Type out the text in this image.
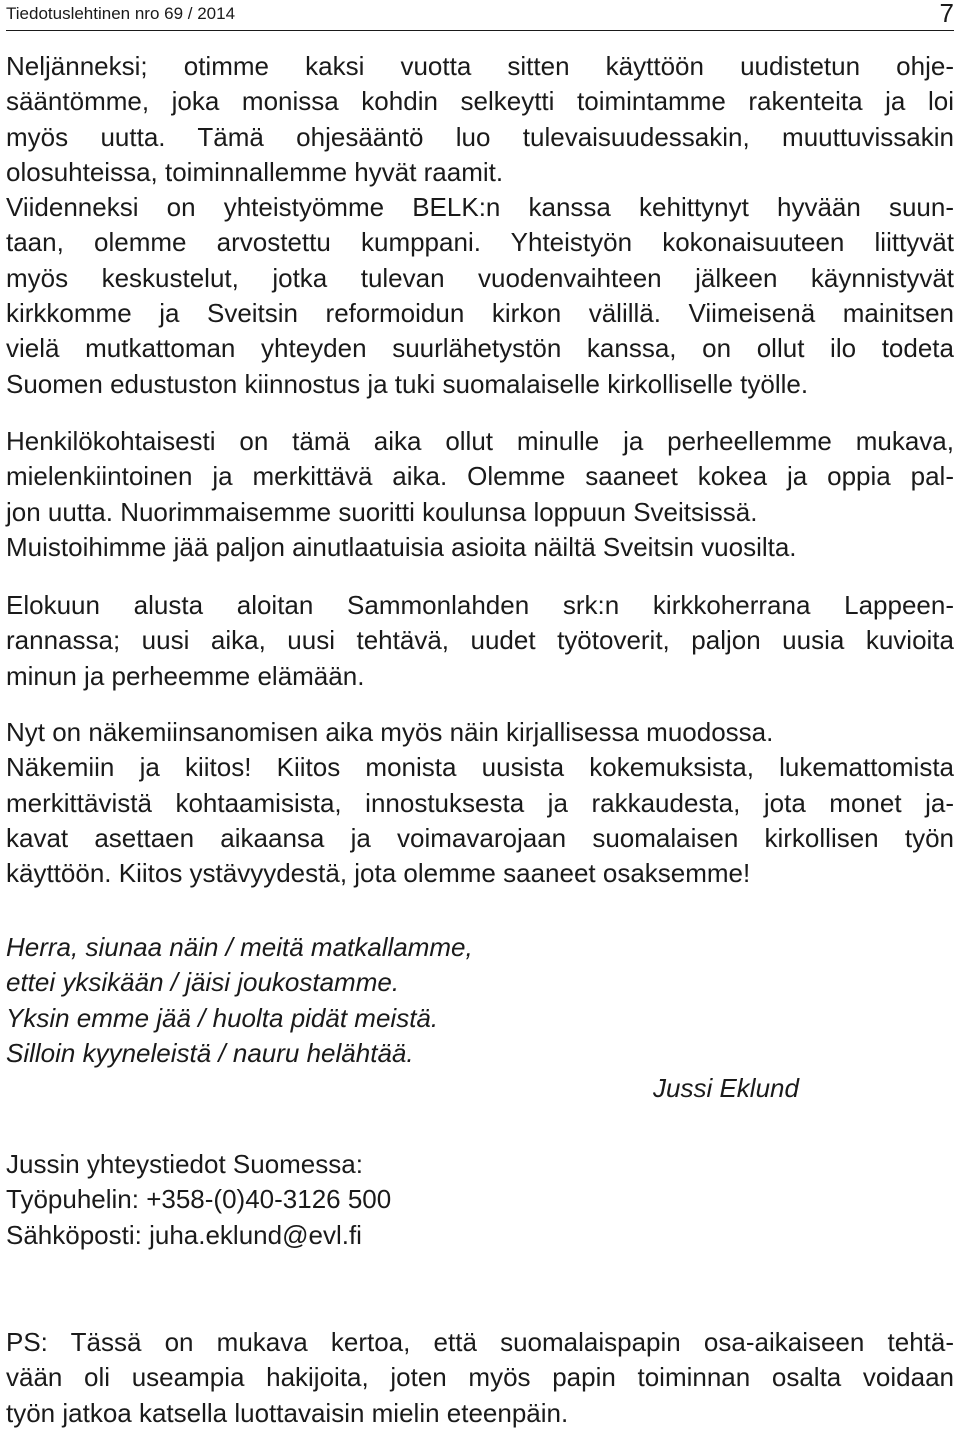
Tiedotuslehtinen nro 69 / 2014	7
Neljänneksi; otimme kaksi vuotta sitten käyttöön uudistetun ohje-
sääntömme, joka monissa kohdin selkeytti toimintamme rakenteita ja loi
myös uutta. Tämä ohjesääntö luo tulevaisuudessakin, muuttuvissakin
olosuhteissa, toiminnallemme hyvät raamit.
Viidenneksi on yhteistyömme BELK:n kanssa kehittynyt hyvään suun-
taan, olemme arvostettu kumppani. Yhteistyön kokonaisuuteen liittyvät
myös keskustelut, jotka tulevan vuodenvaihteen jälkeen käynnistyvät
kirkkomme ja Sveitsin reformoidun kirkon välillä. Viimeisenä mainitsen
vielä mutkattoman yhteyden suurlähetystön kanssa, on ollut ilo todeta
Suomen edustuston kiinnostus ja tuki suomalaiselle kirkolliselle työlle.
Henkilökohtaisesti on tämä aika ollut minulle ja perheellemme mukava,
mielenkiintoinen ja merkittävä aika. Olemme saaneet kokea ja oppia pal-
jon uutta. Nuorimmaisemme suoritti koulunsa loppuun Sveitsissä.
Muistoihimme jää paljon ainutlaatuisia asioita näiltä Sveitsin vuosilta.
Elokuun alusta aloitan Sammonlahden srk:n kirkkoherrana Lappeen-
rannassa; uusi aika, uusi tehtävä, uudet työtoverit, paljon uusia kuvioita
minun ja perheemme elämään.
Nyt on näkemiinsanomisen aika myös näin kirjallisessa muodossa.
Näkemiin ja kiitos! Kiitos monista uusista kokemuksista, lukemattomista
merkittävistä kohtaamisista, innostuksesta ja rakkaudesta, jota monet ja-
kavat asettaen aikaansa ja voimavarojaan suomalaisen kirkollisen työn
käyttöön. Kiitos ystävyydestä, jota olemme saaneet osaksemme!
Herra, siunaa näin / meitä matkallamme,
ettei yksikään / jäisi joukostamme.
Yksin emme jää / huolta pidät meistä.
Silloin kyyneleistä / nauru helähtää.
Jussi Eklund
Jussin yhteystiedot Suomessa:
Työpuhelin: +358-(0)40-3126 500
Sähköposti: juha.eklund@evl.fi
PS: Tässä on mukava kertoa, että suomalaispapin osa-aikaiseen tehtä-
vään oli useampia hakijoita, joten myös papin toiminnan osalta voidaan
työn jatkoa katsella luottavaisin mielin eteenpäin.
